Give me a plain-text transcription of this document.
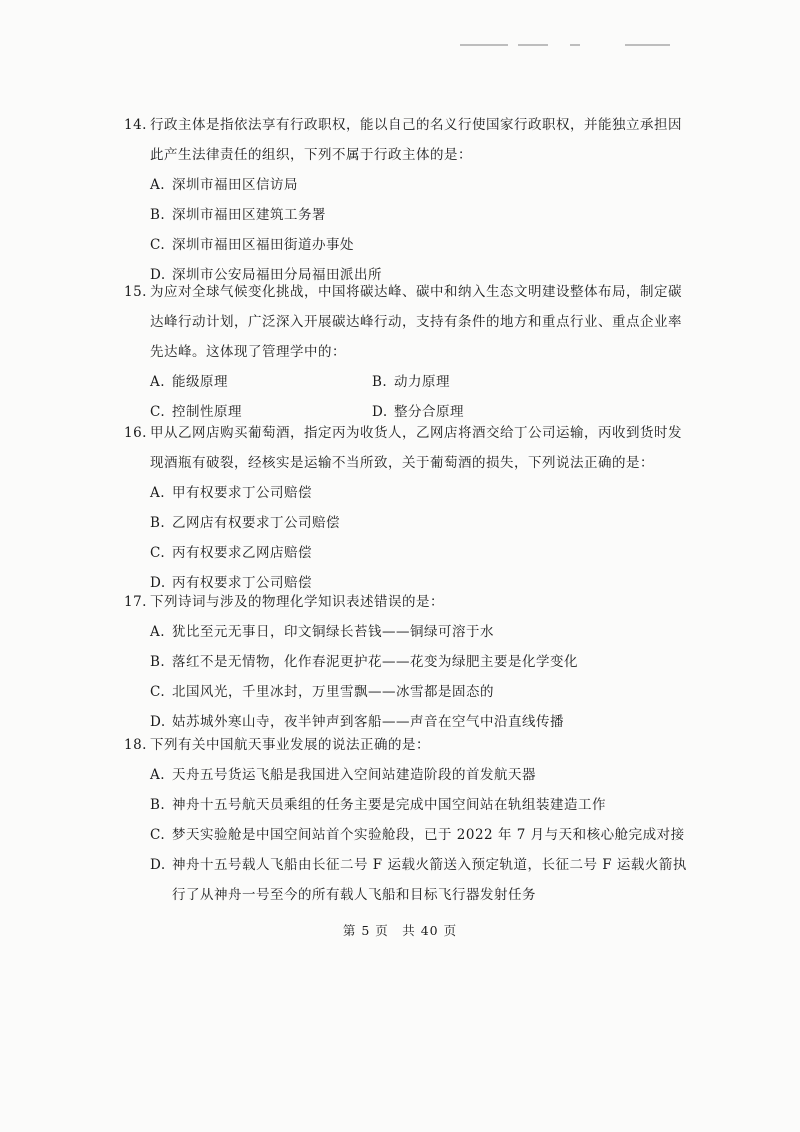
14. 行政主体是指依法享有行政职权，能以自己的名义行使国家行政职权，并能独立承担因此产生法律责任的组织，下列不属于行政主体的是：

A. 深圳市福田区信访局

B. 深圳市福田区建筑工务署

C. 深圳市福田区福田街道办事处

D. 深圳市公安局福田分局福田派出所

15. 为应对全球气候变化挑战，中国将碳达峰、碳中和纳入生态文明建设整体布局，制定碳达峰行动计划，广泛深入开展碳达峰行动，支持有条件的地方和重点行业、重点企业率先达峰。这体现了管理学中的：

A. 能级原理	B. 动力原理
C. 控制性原理	D. 整分合原理

16. 甲从乙网店购买葡萄酒，指定丙为收货人，乙网店将酒交给丁公司运输，丙收到货时发现酒瓶有破裂，经核实是运输不当所致，关于葡萄酒的损失，下列说法正确的是：

A. 甲有权要求丁公司赔偿

B. 乙网店有权要求丁公司赔偿

C. 丙有权要求乙网店赔偿

D. 丙有权要求丁公司赔偿

17. 下列诗词与涉及的物理化学知识表述错误的是：

A. 犹比至元无事日，印文铜绿长苔钱——铜绿可溶于水

B. 落红不是无情物，化作春泥更护花——花变为绿肥主要是化学变化

C. 北国风光，千里冰封，万里雪飘——冰雪都是固态的

D. 姑苏城外寒山寺，夜半钟声到客船——声音在空气中沿直线传播

18. 下列有关中国航天事业发展的说法正确的是：

A. 天舟五号货运飞船是我国进入空间站建造阶段的首发航天器

B. 神舟十五号航天员乘组的任务主要是完成中国空间站在轨组装建造工作

C. 梦天实验舱是中国空间站首个实验舱段，已于 2022 年 7 月与天和核心舱完成对接

D. 神舟十五号载人飞船由长征二号 F 运载火箭送入预定轨道，长征二号 F 运载火箭执

行了从神舟一号至今的所有载人飞船和目标飞行器发射任务

第 5 页　共 40 页
